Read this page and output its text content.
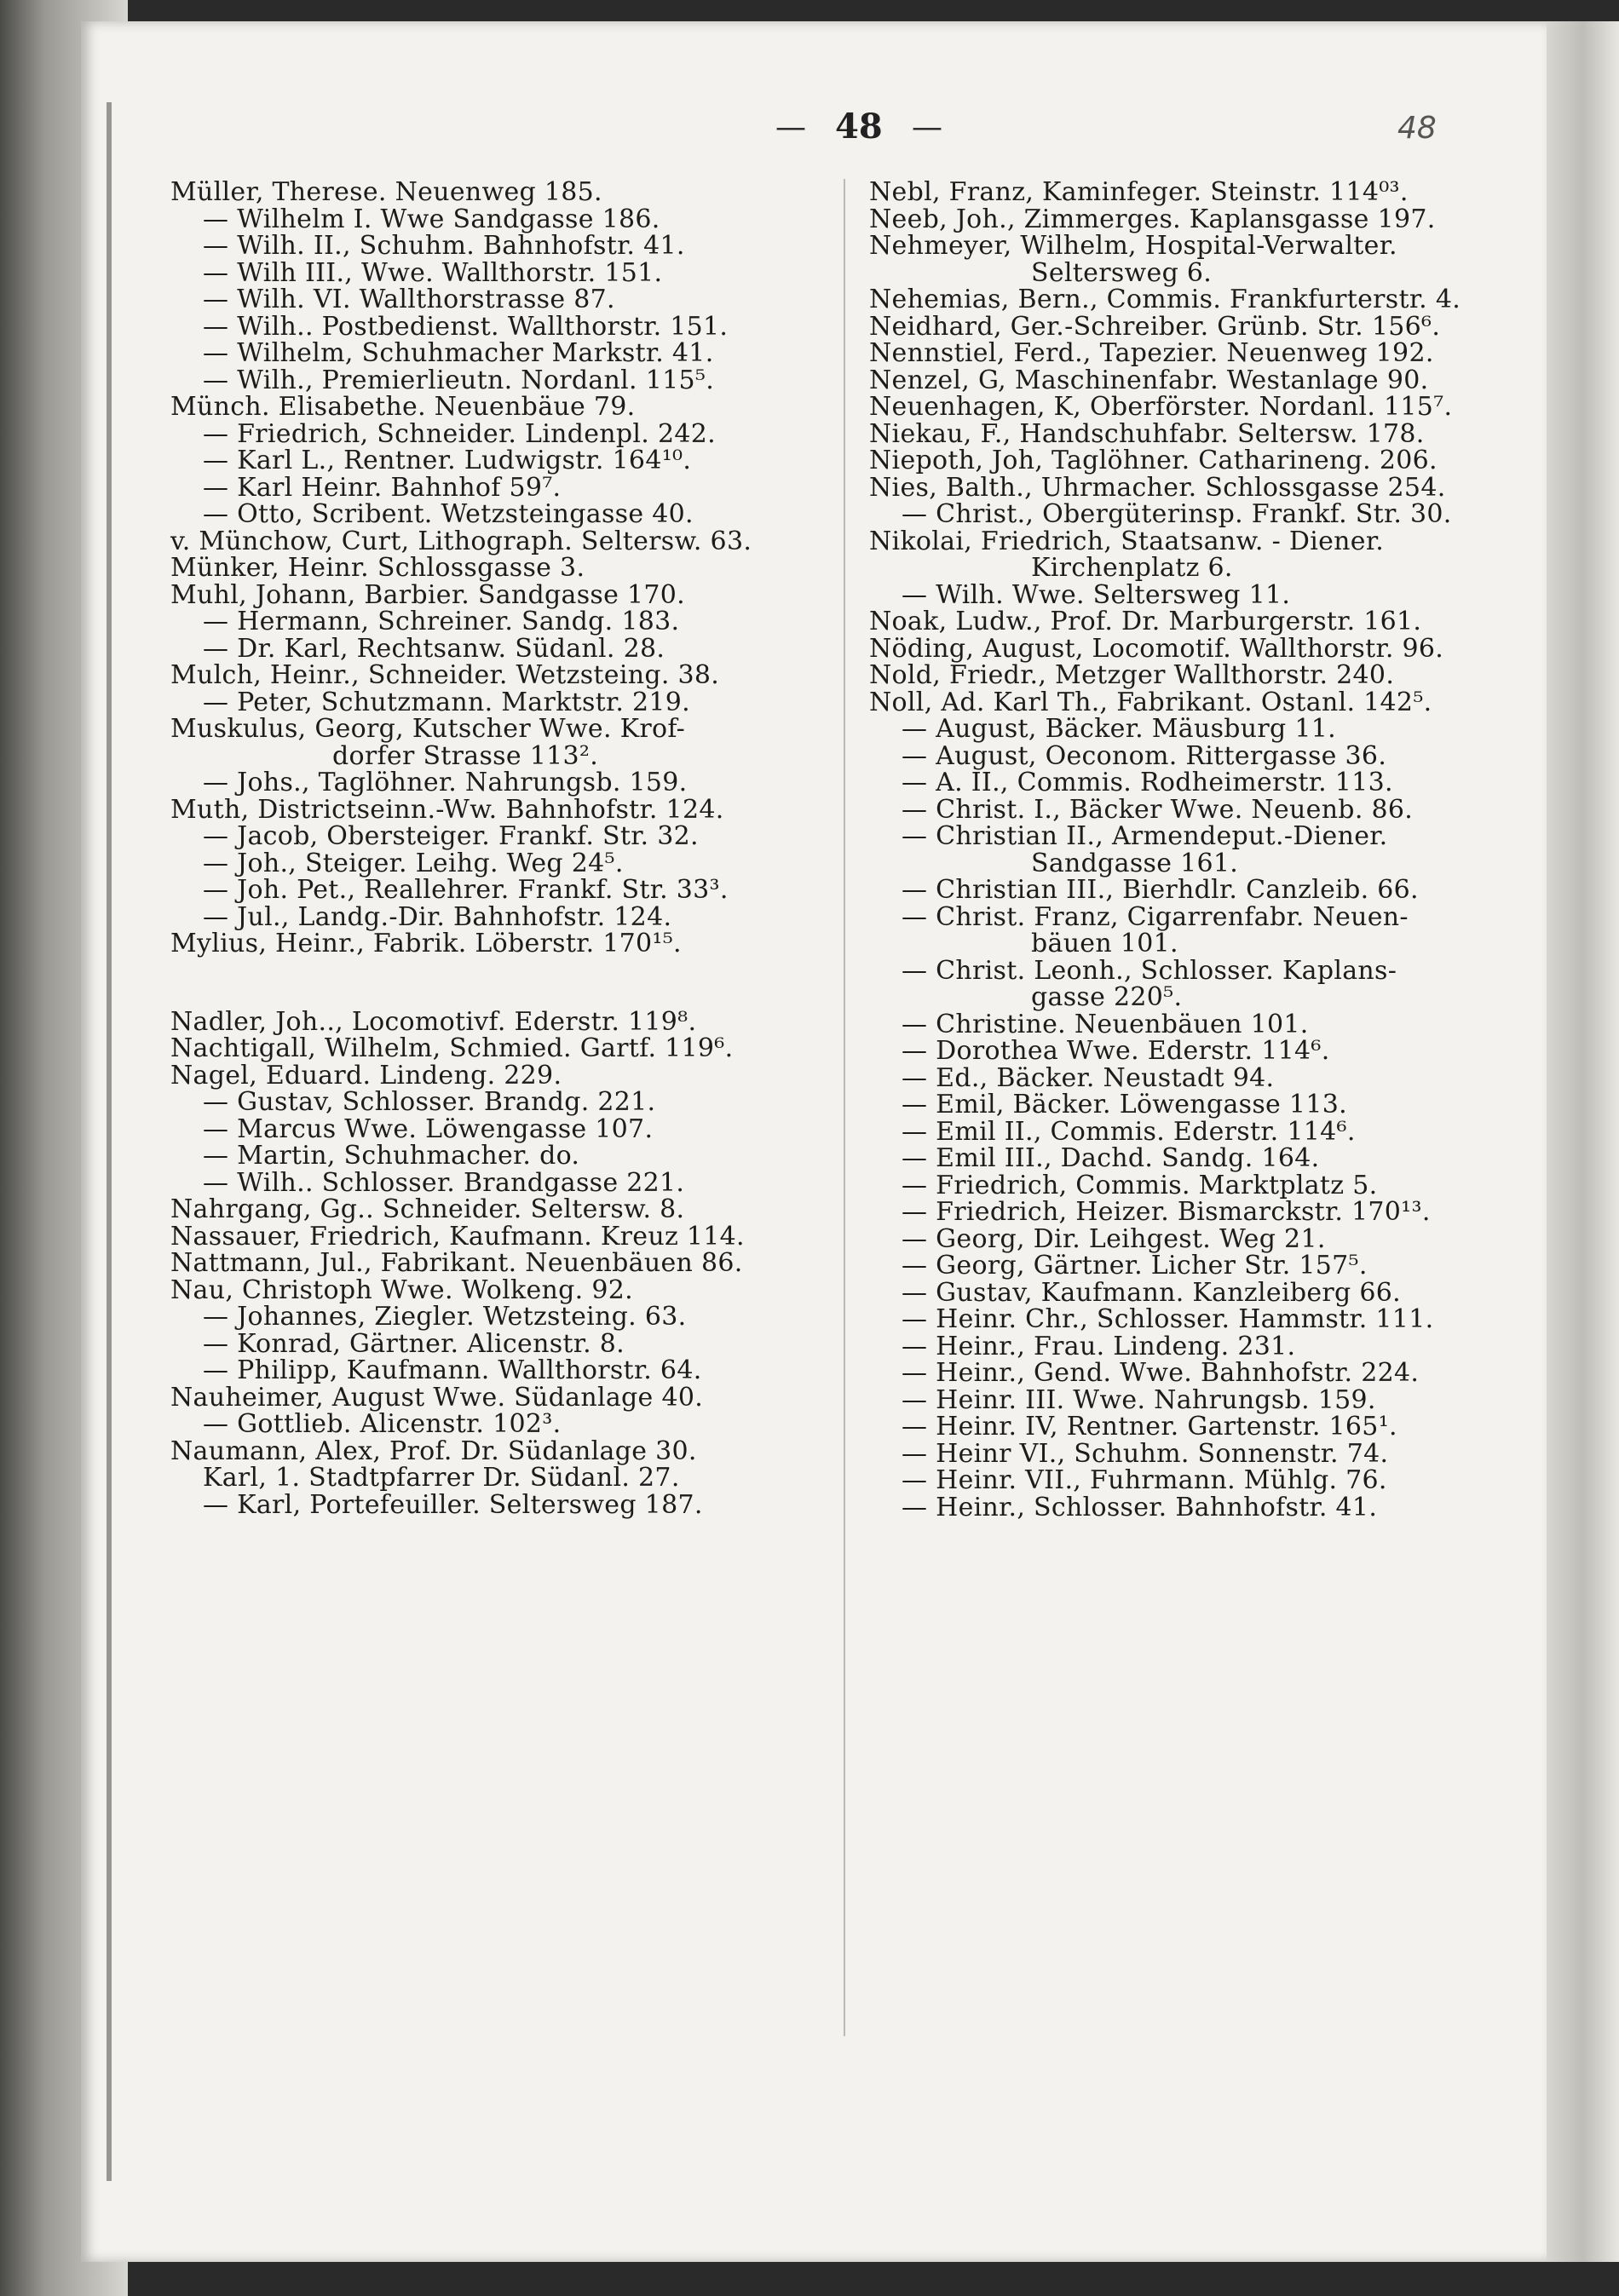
— 48 —	48
Müller, Therese. Neuenweg 185.
— Wilhelm I. Wwe Sandgasse 186.
— Wilh. II., Schuhm. Bahnhofstr. 41.
— Wilh III., Wwe. Wallthorstr. 151.
— Wilh. VI. Wallthorstrasse 87.
— Wilh.. Postbedienst. Wallthorstr. 151.
— Wilhelm, Schuhmacher Markstr. 41.
— Wilh., Premierlieutn. Nordanl. 115⁵.
Münch. Elisabethe. Neuenbäue 79.
— Friedrich, Schneider. Lindenpl. 242.
— Karl L., Rentner. Ludwigstr. 164¹⁰.
— Karl Heinr. Bahnhof 59⁷.
— Otto, Scribent. Wetzsteingasse 40.
v. Münchow, Curt, Lithograph. Seltersw. 63.
Münker, Heinr. Schlossgasse 3.
Muhl, Johann, Barbier. Sandgasse 170.
— Hermann, Schreiner. Sandg. 183.
— Dr. Karl, Rechtsanw. Südanl. 28.
Mulch, Heinr., Schneider. Wetzsteing. 38.
— Peter, Schutzmann. Marktstr. 219.
Muskulus, Georg, Kutscher Wwe. Krof-
dorfer Strasse 113².
— Johs., Taglöhner. Nahrungsb. 159.
Muth, Districtseinn.-Ww. Bahnhofstr. 124.
— Jacob, Obersteiger. Frankf. Str. 32.
— Joh., Steiger. Leihg. Weg 24⁵.
— Joh. Pet., Reallehrer. Frankf. Str. 33³.
— Jul., Landg.-Dir. Bahnhofstr. 124.
Mylius, Heinr., Fabrik. Löberstr. 170¹⁵.
Nadler, Joh.., Locomotivf. Ederstr. 119⁸.
Nachtigall, Wilhelm, Schmied. Gartf. 119⁶.
Nagel, Eduard. Lindeng. 229.
— Gustav, Schlosser. Brandg. 221.
— Marcus Wwe. Löwengasse 107.
— Martin, Schuhmacher. do.
— Wilh.. Schlosser. Brandgasse 221.
Nahrgang, Gg.. Schneider. Seltersw. 8.
Nassauer, Friedrich, Kaufmann. Kreuz 114.
Nattmann, Jul., Fabrikant. Neuenbäuen 86.
Nau, Christoph Wwe. Wolkeng. 92.
— Johannes, Ziegler. Wetzsteing. 63.
— Konrad, Gärtner. Alicenstr. 8.
— Philipp, Kaufmann. Wallthorstr. 64.
Nauheimer, August Wwe. Südanlage 40.
— Gottlieb. Alicenstr. 102³.
Naumann, Alex, Prof. Dr. Südanlage 30.
Karl, 1. Stadtpfarrer Dr. Südanl. 27.
— Karl, Portefeuiller. Seltersweg 187.
Nebl, Franz, Kaminfeger. Steinstr. 114⁰³.
Neeb, Joh., Zimmerges. Kaplansgasse 197.
Nehmeyer, Wilhelm, Hospital-Verwalter.
Seltersweg 6.
Nehemias, Bern., Commis. Frankfurterstr. 4.
Neidhard, Ger.-Schreiber. Grünb. Str. 156⁶.
Nennstiel, Ferd., Tapezier. Neuenweg 192.
Nenzel, G, Maschinenfabr. Westanlage 90.
Neuenhagen, K, Oberförster. Nordanl. 115⁷.
Niekau, F., Handschuhfabr. Seltersw. 178.
Niepoth, Joh, Taglöhner. Catharineng. 206.
Nies, Balth., Uhrmacher. Schlossgasse 254.
— Christ., Obergüterinsp. Frankf. Str. 30.
Nikolai, Friedrich, Staatsanw. - Diener.
Kirchenplatz 6.
— Wilh. Wwe. Seltersweg 11.
Noak, Ludw., Prof. Dr. Marburgerstr. 161.
Nöding, August, Locomotif. Wallthorstr. 96.
Nold, Friedr., Metzger Wallthorstr. 240.
Noll, Ad. Karl Th., Fabrikant. Ostanl. 142⁵.
— August, Bäcker. Mäusburg 11.
— August, Oeconom. Rittergasse 36.
— A. II., Commis. Rodheimerstr. 113.
— Christ. I., Bäcker Wwe. Neuenb. 86.
— Christian II., Armendeput.-Diener.
Sandgasse 161.
— Christian III., Bierhdlr. Canzleib. 66.
— Christ. Franz, Cigarrenfabr. Neuen-
bäuen 101.
— Christ. Leonh., Schlosser. Kaplans-
gasse 220⁵.
— Christine. Neuenbäuen 101.
— Dorothea Wwe. Ederstr. 114⁶.
— Ed., Bäcker. Neustadt 94.
— Emil, Bäcker. Löwengasse 113.
— Emil II., Commis. Ederstr. 114⁶.
— Emil III., Dachd. Sandg. 164.
— Friedrich, Commis. Marktplatz 5.
— Friedrich, Heizer. Bismarckstr. 170¹³.
— Georg, Dir. Leihgest. Weg 21.
— Georg, Gärtner. Licher Str. 157⁵.
— Gustav, Kaufmann. Kanzleiberg 66.
— Heinr. Chr., Schlosser. Hammstr. 111.
— Heinr., Frau. Lindeng. 231.
— Heinr., Gend. Wwe. Bahnhofstr. 224.
— Heinr. III. Wwe. Nahrungsb. 159.
— Heinr. IV, Rentner. Gartenstr. 165¹.
— Heinr VI., Schuhm. Sonnenstr. 74.
— Heinr. VII., Fuhrmann. Mühlg. 76.
— Heinr., Schlosser. Bahnhofstr. 41.
